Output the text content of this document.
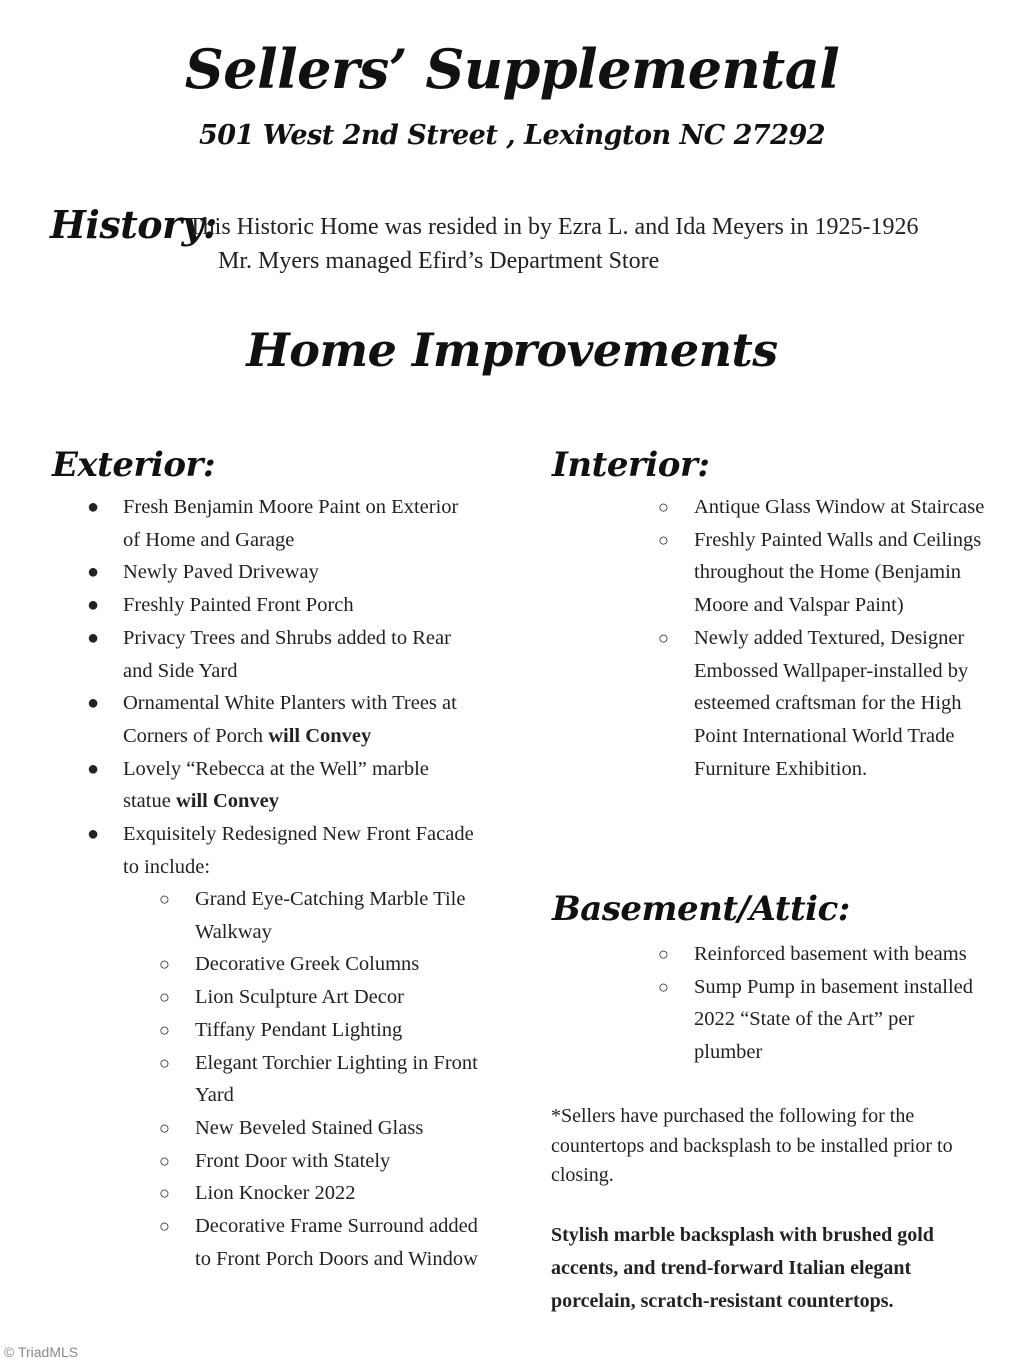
Sellers’ Supplemental
501 West 2nd Street , Lexington NC 27292
History:
This Historic Home was resided in by Ezra L. and Ida Meyers in 1925-1926
Mr. Myers managed Efird’s Department Store
Home Improvements
Exterior:
● Fresh Benjamin Moore Paint on Exterior of Home and Garage
● Newly Paved Driveway
● Freshly Painted Front Porch
● Privacy Trees and Shrubs added to Rear and Side Yard
● Ornamental White Planters with Trees at Corners of Porch will Convey
● Lovely “Rebecca at the Well” marble statue will Convey
● Exquisitely Redesigned New Front Facade to include:
○ Grand Eye-Catching Marble Tile Walkway
○ Decorative Greek Columns
○ Lion Sculpture Art Decor
○ Tiffany Pendant Lighting
○ Elegant Torchier Lighting in Front Yard
○ New Beveled Stained Glass
○ Front Door with Stately
○ Lion Knocker 2022
○ Decorative Frame Surround added to Front Porch Doors and Window
Interior:
○ Antique Glass Window at Staircase
○ Freshly Painted Walls and Ceilings throughout the Home (Benjamin Moore and Valspar Paint)
○ Newly added Textured, Designer Embossed Wallpaper-installed by esteemed craftsman for the High Point International World Trade Furniture Exhibition.
Basement/Attic:
○ Reinforced basement with beams
○ Sump Pump in basement installed 2022 “State of the Art” per plumber
*Sellers have purchased the following for the countertops and backsplash to be installed prior to closing.
Stylish marble backsplash with brushed gold accents, and trend-forward Italian elegant porcelain, scratch-resistant countertops.
© TriadMLS
